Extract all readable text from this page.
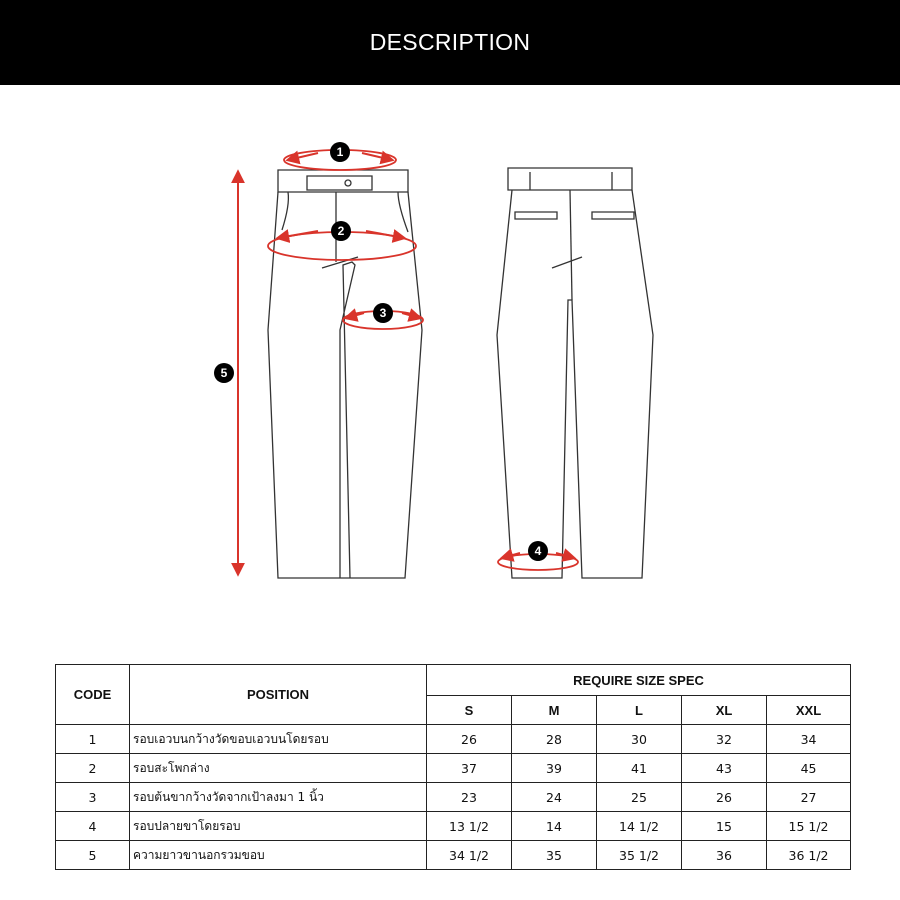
DESCRIPTION
1
2
3
4
5
CODE	POSITION	REQUIRE SIZE SPEC				
		S	M	L	XL	XXL
1	รอบเอวบนกว้างวัดขอบเอวบนโดยรอบ	26	28	30	32	34
2	รอบสะโพกล่าง	37	39	41	43	45
3	รอบต้นขากว้างวัดจากเป้าลงมา 1 นิ้ว	23	24	25	26	27
4	รอบปลายขาโดยรอบ	13 1/2	14	14 1/2	15	15 1/2
5	ความยาวขานอกรวมขอบ	34 1/2	35	35 1/2	36	36 1/2
